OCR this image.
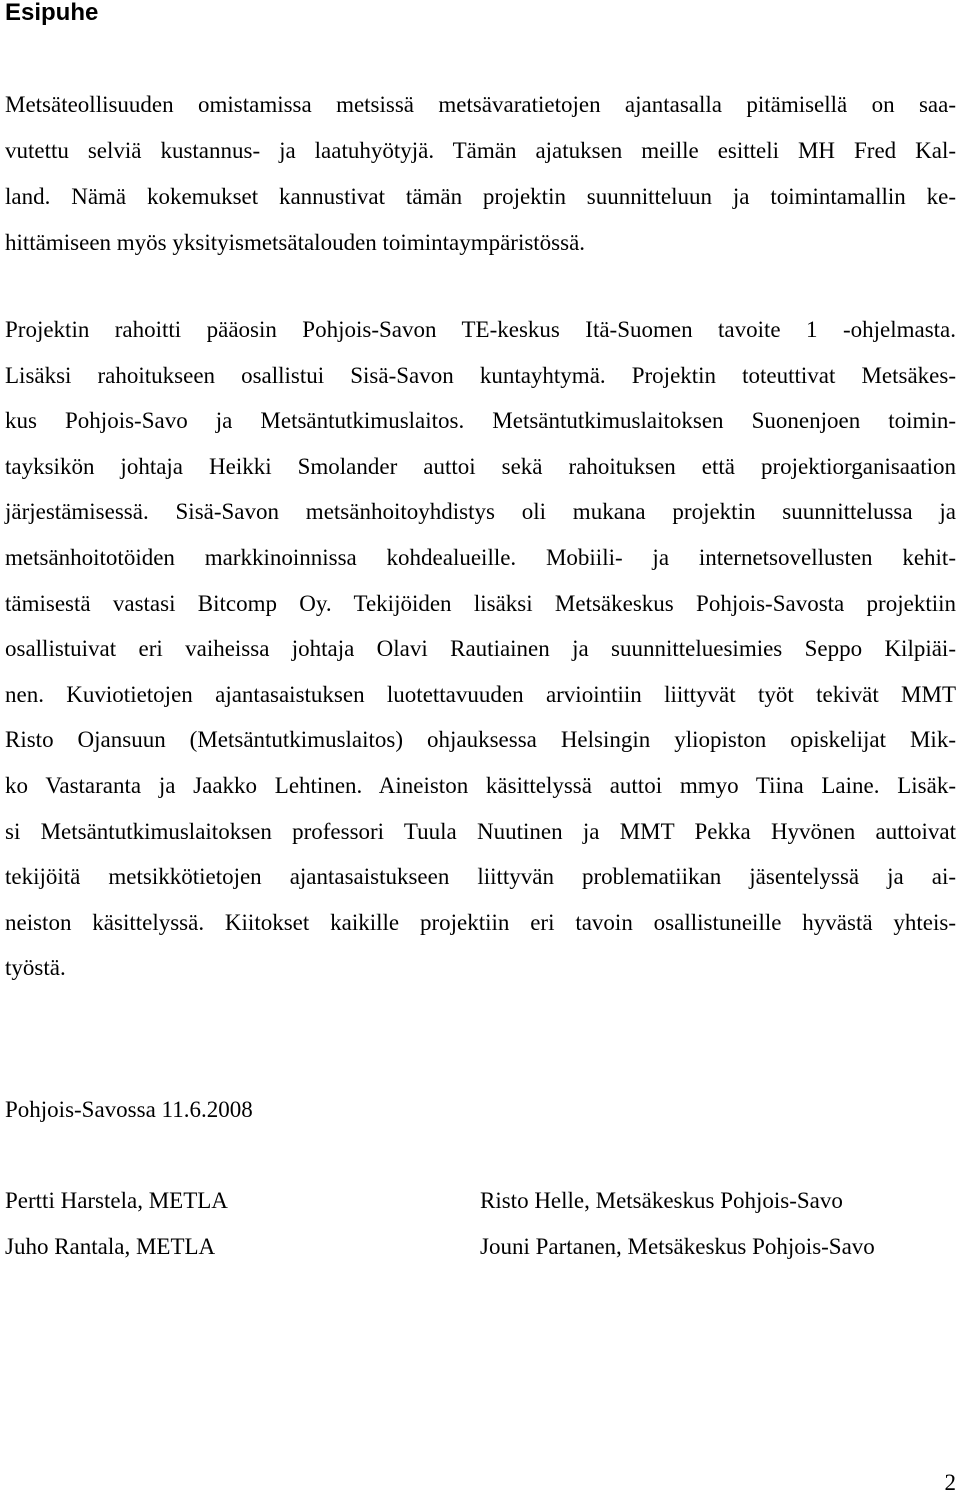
Esipuhe
Metsäteollisuuden omistamissa metsissä metsävaratietojen ajantasalla pitämisellä on saa-
vutettu selviä kustannus- ja laatuhyötyjä. Tämän ajatuksen meille esitteli MH Fred Kal-
land. Nämä kokemukset kannustivat tämän projektin suunnitteluun ja toimintamallin ke-
hittämiseen myös yksityismetsätalouden toimintaympäristössä.
Projektin rahoitti pääosin Pohjois-Savon TE-keskus Itä-Suomen tavoite 1 -ohjelmasta.
Lisäksi rahoitukseen osallistui Sisä-Savon kuntayhtymä. Projektin toteuttivat Metsäkes-
kus Pohjois-Savo ja Metsäntutkimuslaitos. Metsäntutkimuslaitoksen Suonenjoen toimin-
tayksikön johtaja Heikki Smolander auttoi sekä rahoituksen että projektiorganisaation
järjestämisessä. Sisä-Savon metsänhoitoyhdistys oli mukana projektin suunnittelussa ja
metsänhoitotöiden markkinoinnissa kohdealueille. Mobiili- ja internetsovellusten kehit-
tämisestä vastasi Bitcomp Oy. Tekijöiden lisäksi Metsäkeskus Pohjois-Savosta projektiin
osallistuivat eri vaiheissa johtaja Olavi Rautiainen ja suunnitteluesimies Seppo Kilpiäi-
nen. Kuviotietojen ajantasaistuksen luotettavuuden arviointiin liittyvät työt tekivät MMT
Risto Ojansuun (Metsäntutkimuslaitos) ohjauksessa Helsingin yliopiston opiskelijat Mik-
ko Vastaranta ja Jaakko Lehtinen. Aineiston käsittelyssä auttoi mmyo Tiina Laine. Lisäk-
si Metsäntutkimuslaitoksen professori Tuula Nuutinen ja MMT Pekka Hyvönen auttoivat
tekijöitä metsikkötietojen ajantasaistukseen liittyvän problematiikan jäsentelyssä ja ai-
neiston käsittelyssä. Kiitokset kaikille projektiin eri tavoin osallistuneille hyvästä yhteis-
työstä.

Pohjois-Savossa 11.6.2008

Pertti Harstela, METLA

Juho Rantala, METLA

Risto Helle, Metsäkeskus Pohjois-Savo

Jouni Partanen, Metsäkeskus Pohjois-Savo

2
